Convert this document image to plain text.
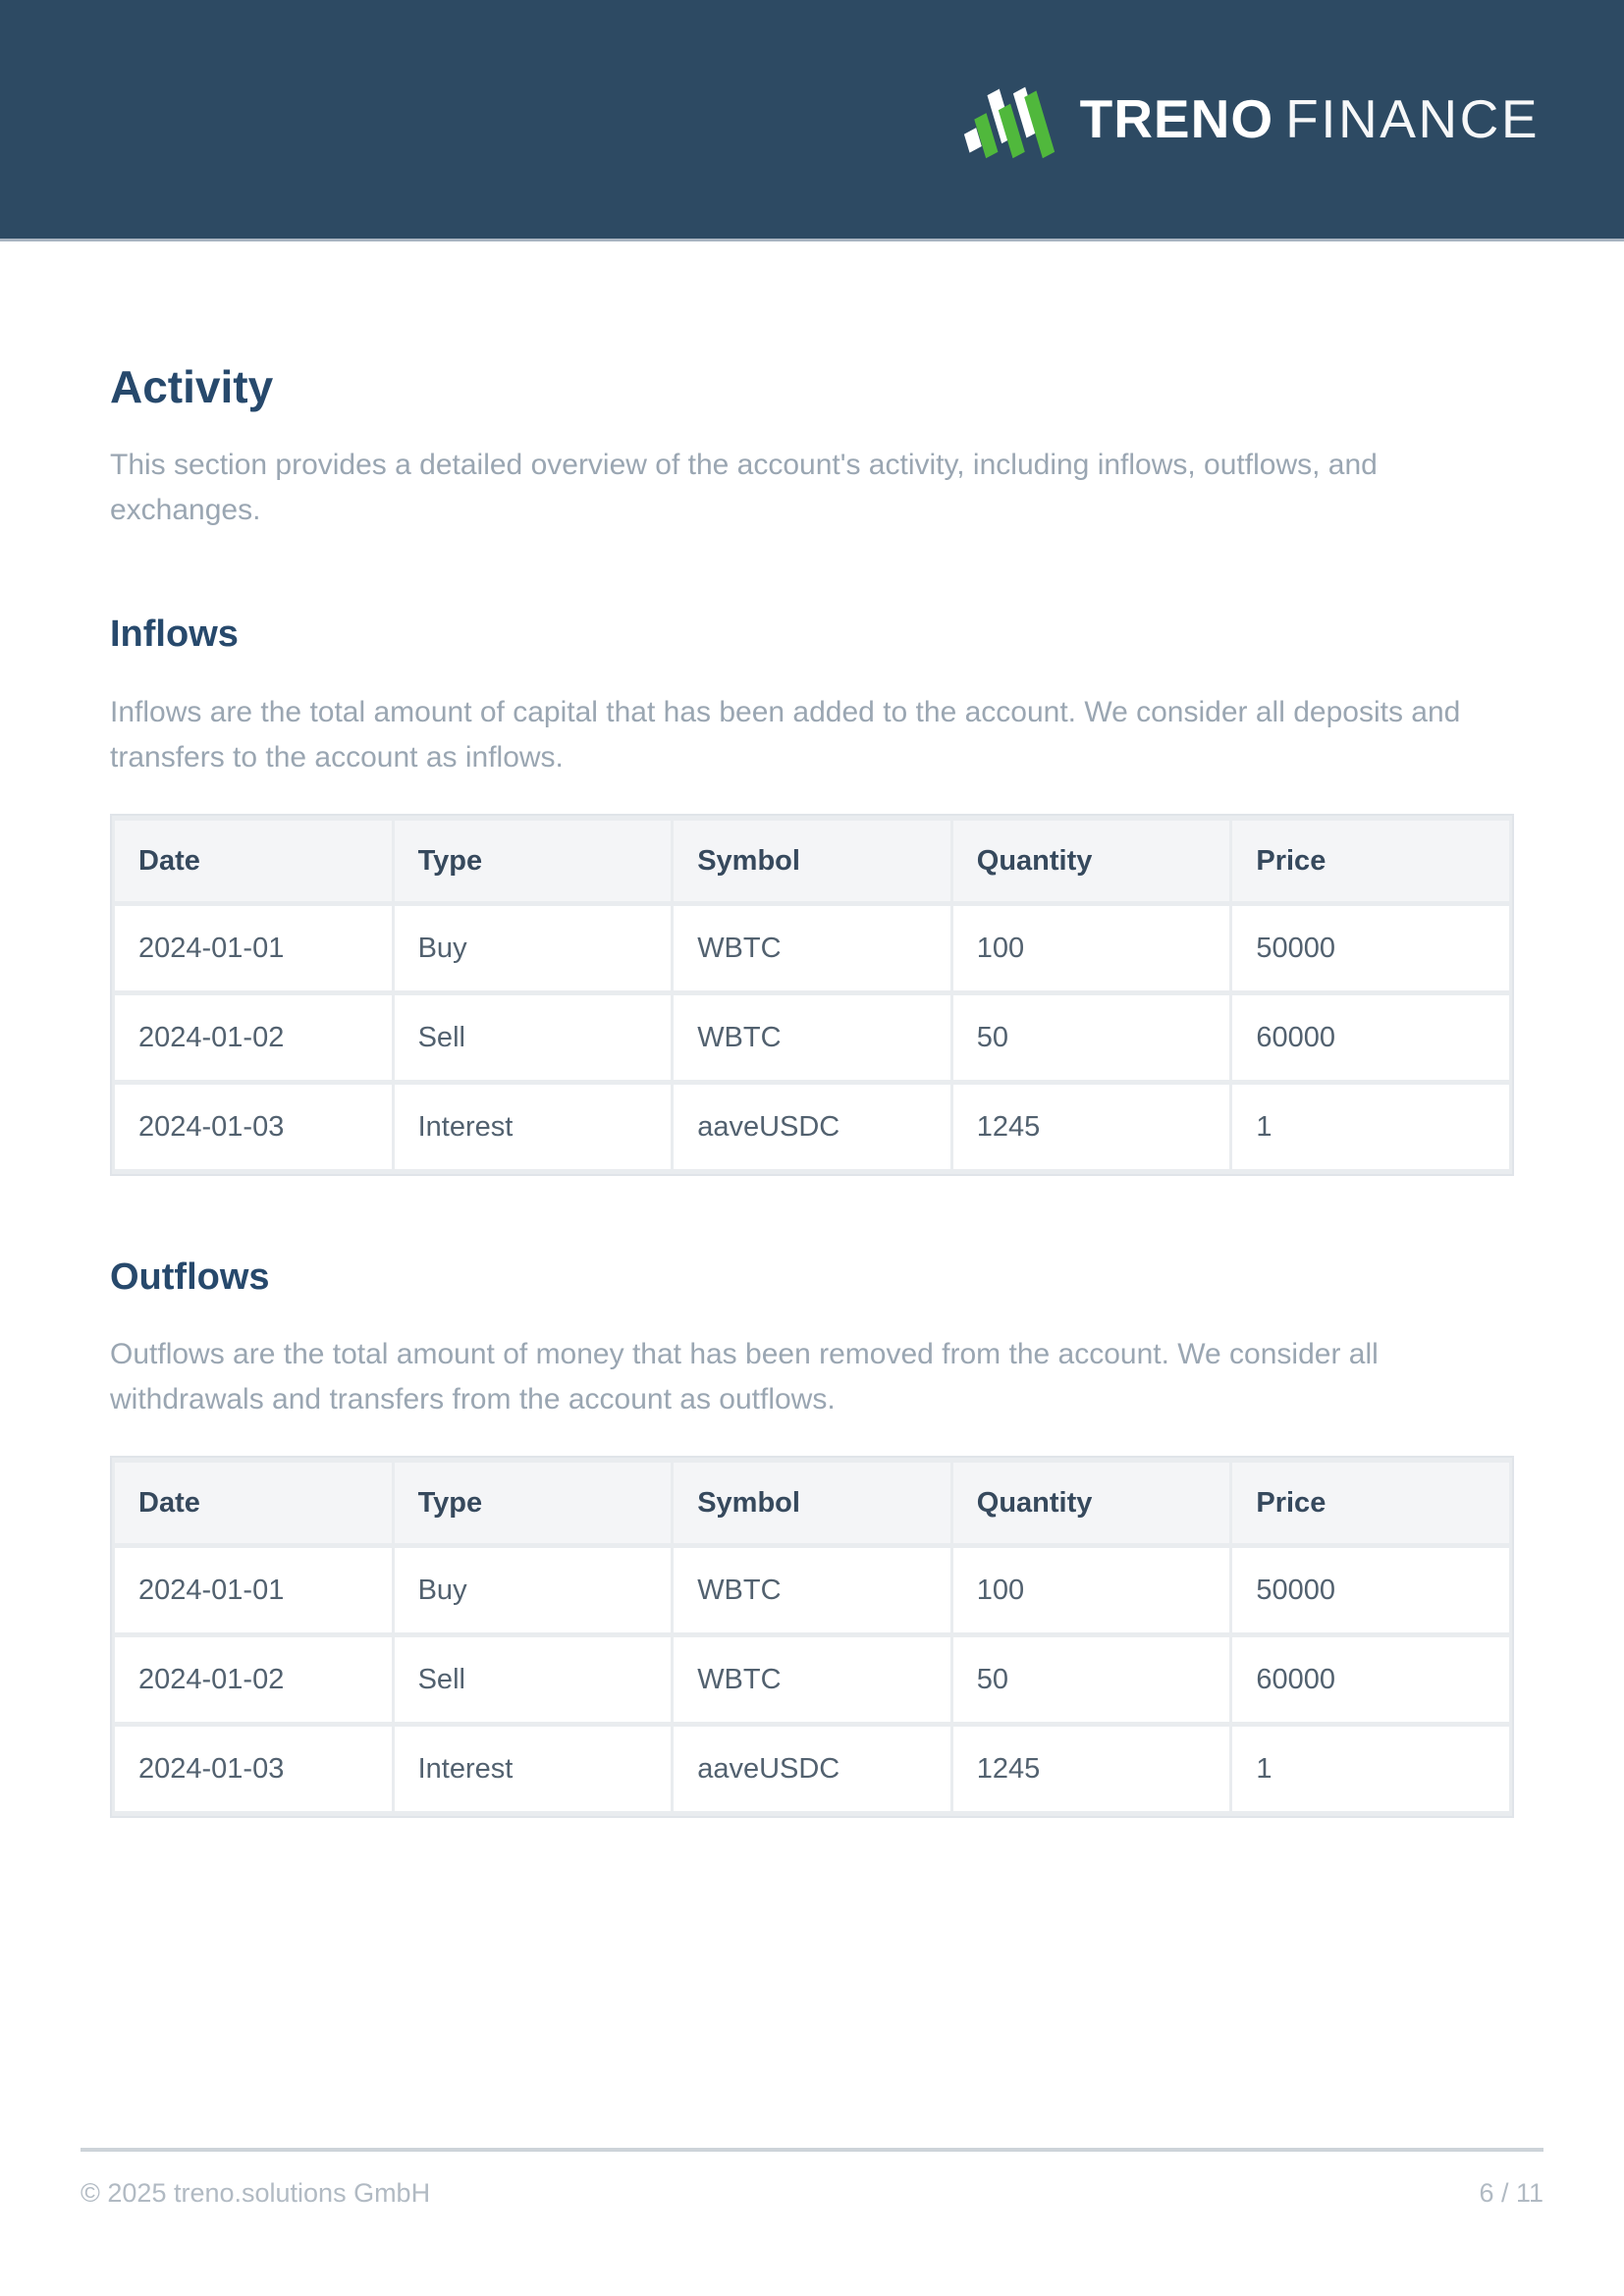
TRENO FINANCE
Activity

This section provides a detailed overview of the account's activity, including inflows, outflows, and exchanges.

Inflows

Inflows are the total amount of capital that has been added to the account. We consider all deposits and transfers to the account as inflows.

Date	Type	Symbol	Quantity	Price
2024-01-01	Buy	WBTC	100	50000
2024-01-02	Sell	WBTC	50	60000
2024-01-03	Interest	aaveUSDC	1245	1
Outflows

Outflows are the total amount of money that has been removed from the account. We consider all withdrawals and transfers from the account as outflows.

Date	Type	Symbol	Quantity	Price
2024-01-01	Buy	WBTC	100	50000
2024-01-02	Sell	WBTC	50	60000
2024-01-03	Interest	aaveUSDC	1245	1
© 2025 treno.solutions GmbH	6 / 11
